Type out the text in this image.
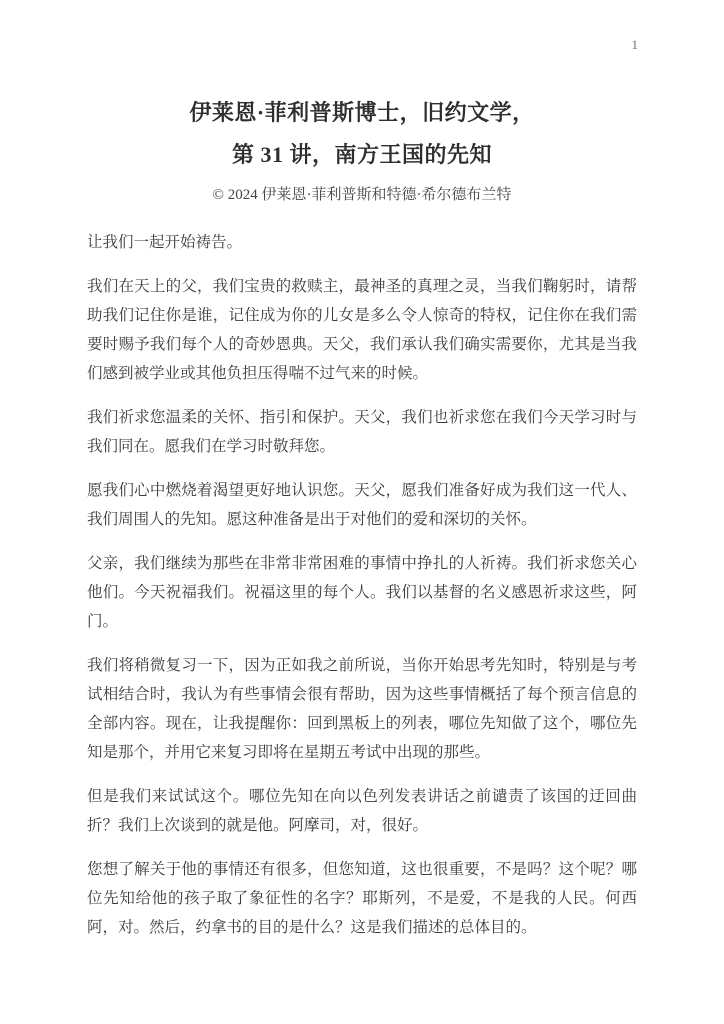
1
伊莱恩·菲利普斯博士，旧约文学，
第 31 讲，南方王国的先知
© 2024 伊莱恩·菲利普斯和特德·希尔德布兰特

让我们一起开始祷告。

我们在天上的父，我们宝贵的救赎主，最神圣的真理之灵，当我们鞠躬时，请帮助我们记住你是谁，记住成为你的儿女是多么令人惊奇的特权，记住你在我们需要时赐予我们每个人的奇妙恩典。天父，我们承认我们确实需要你，尤其是当我们感到被学业或其他负担压得喘不过气来的时候。

我们祈求您温柔的关怀、指引和保护。天父，我们也祈求您在我们今天学习时与我们同在。愿我们在学习时敬拜您。

愿我们心中燃烧着渴望更好地认识您。天父，愿我们准备好成为我们这一代人、我们周围人的先知。愿这种准备是出于对他们的爱和深切的关怀。

父亲，我们继续为那些在非常非常困难的事情中挣扎的人祈祷。我们祈求您关心他们。今天祝福我们。祝福这里的每个人。我们以基督的名义感恩祈求这些，阿门。

我们将稍微复习一下，因为正如我之前所说，当你开始思考先知时，特别是与考试相结合时，我认为有些事情会很有帮助，因为这些事情概括了每个预言信息的全部内容。现在，让我提醒你：回到黑板上的列表，哪位先知做了这个，哪位先知是那个，并用它来复习即将在星期五考试中出现的那些。

但是我们来试试这个。哪位先知在向以色列发表讲话之前谴责了该国的迂回曲折？我们上次谈到的就是他。阿摩司，对，很好。

您想了解关于他的事情还有很多，但您知道，这也很重要，不是吗？这个呢？哪位先知给他的孩子取了象征性的名字？耶斯列，不是爱，不是我的人民。何西阿，对。然后，约拿书的目的是什么？这是我们描述的总体目的。
